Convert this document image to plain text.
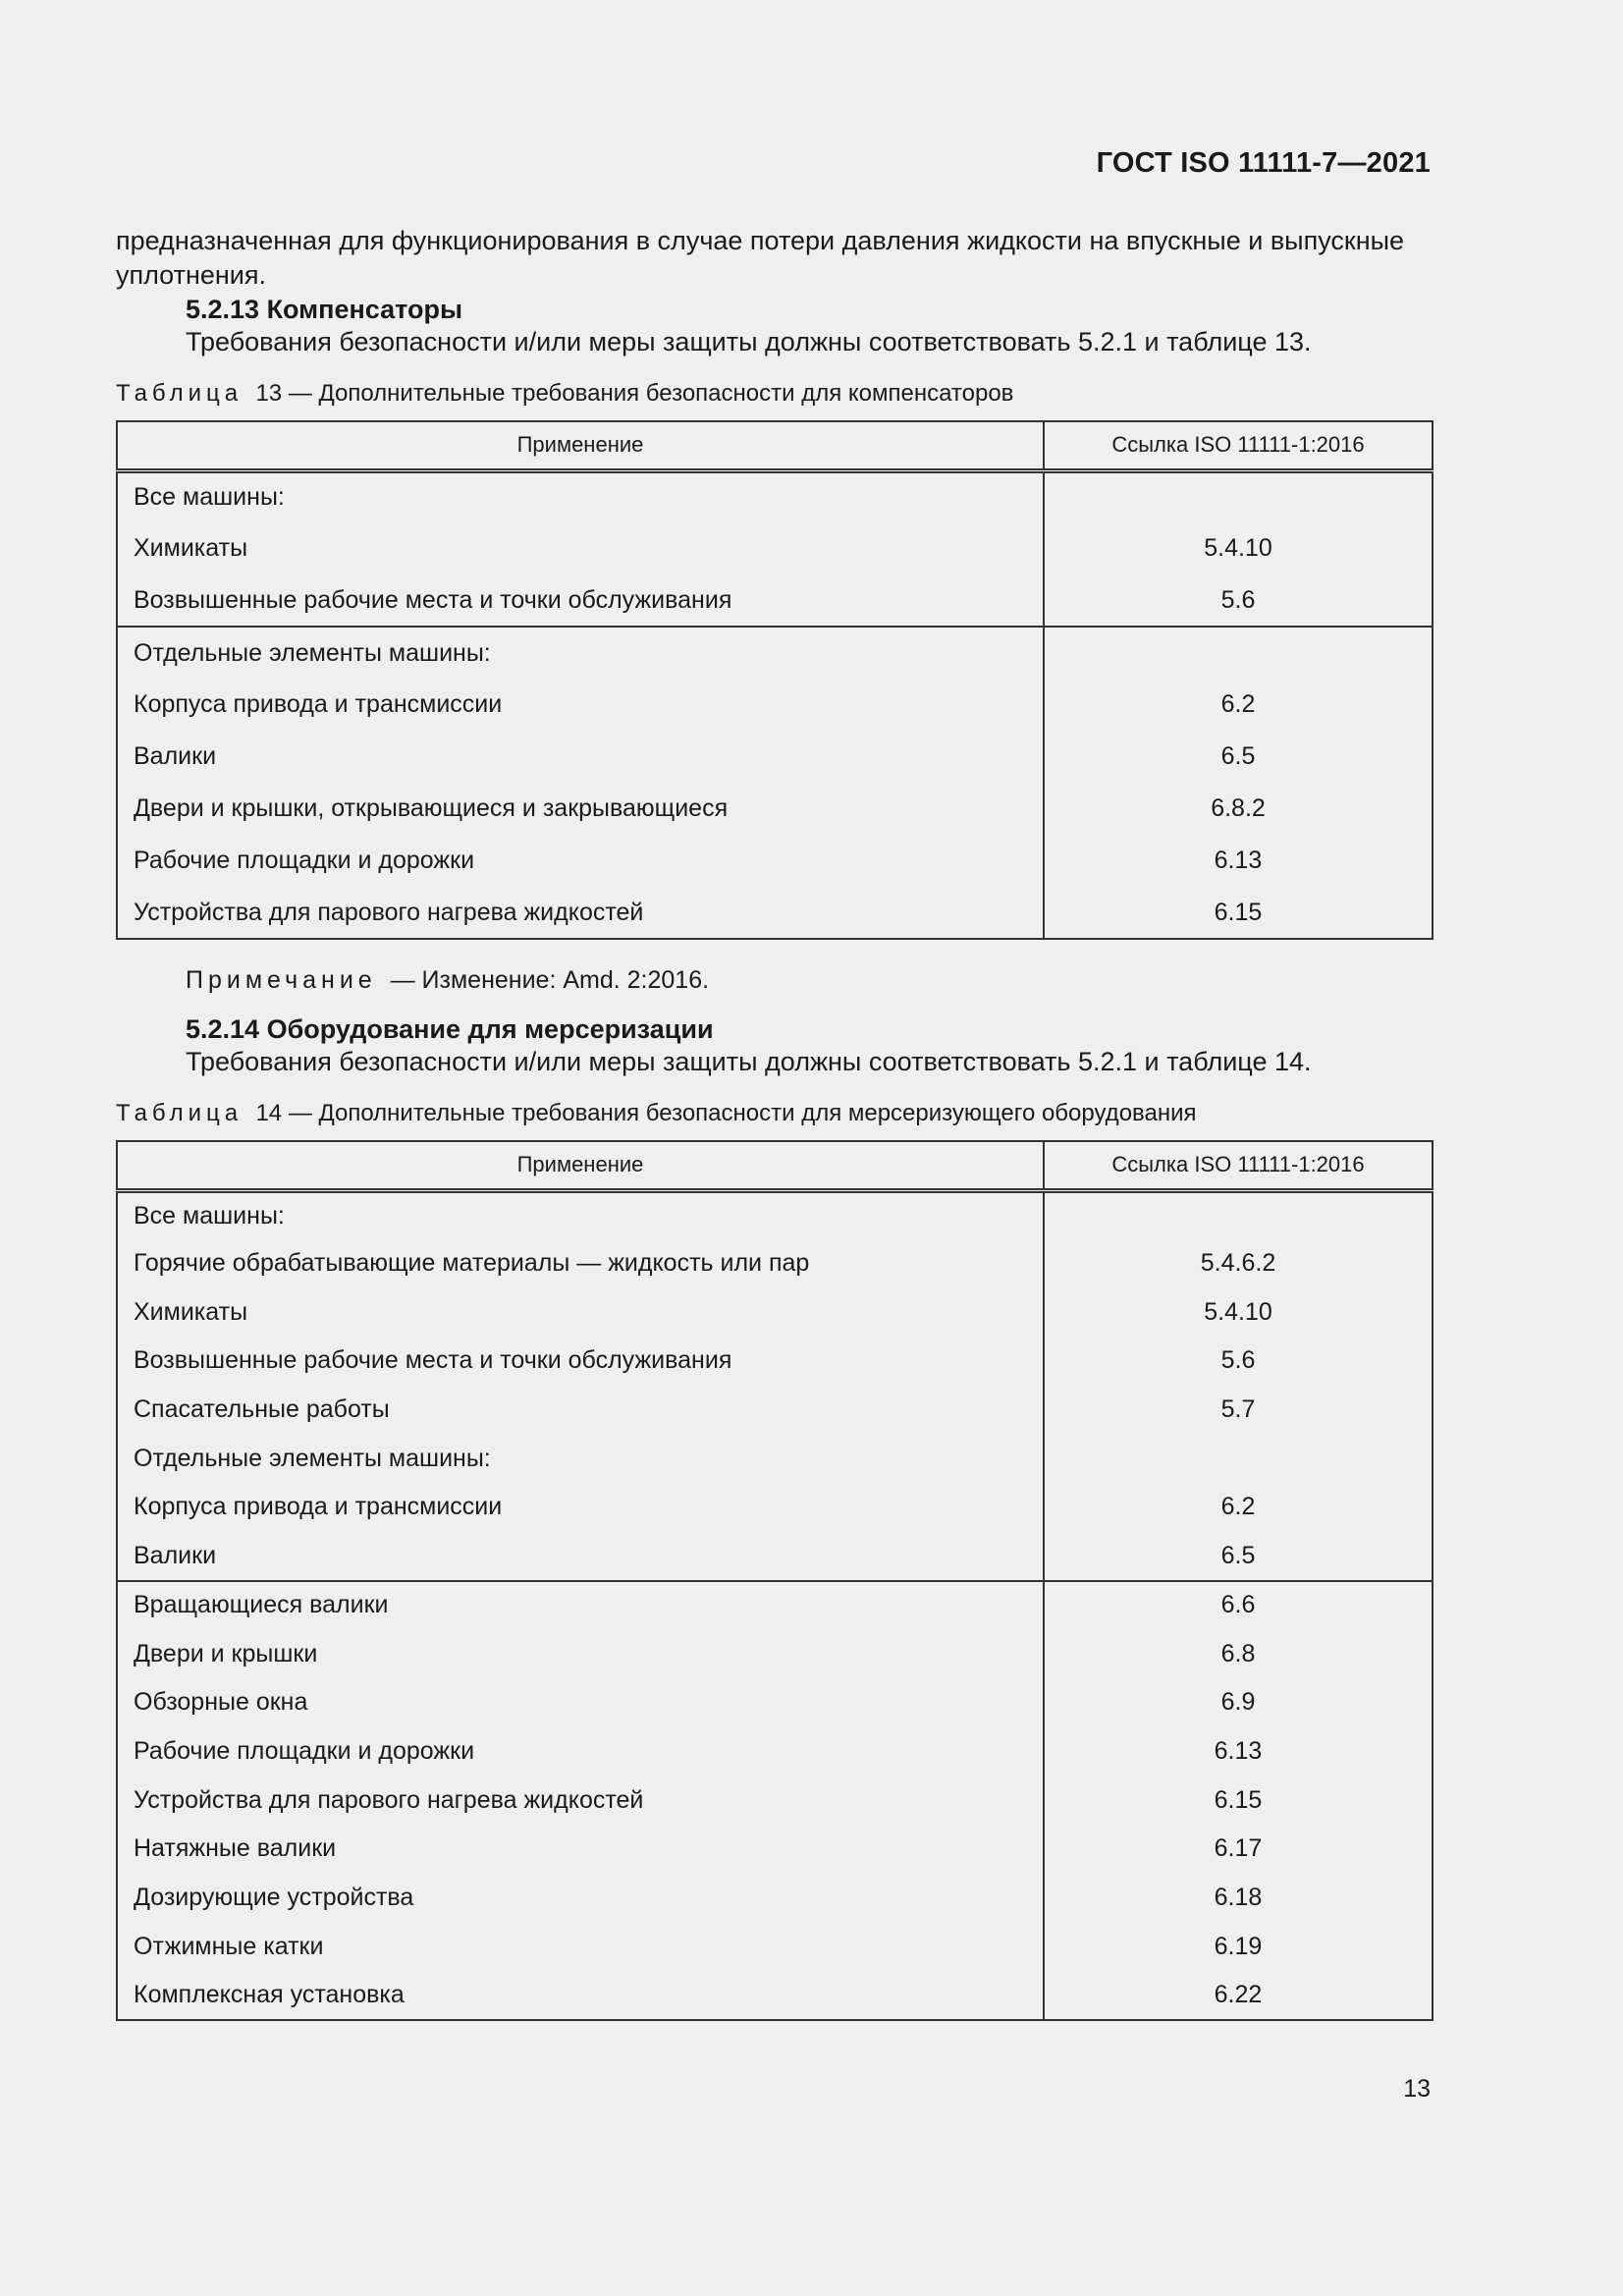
ГОСТ ISO 11111-7—2021
предназначенная для функционирования в случае потери давления жидкости на впускные и выпускные уплотнения.
5.2.13 Компенсаторы
Требования безопасности и/или меры защиты должны соответствовать 5.2.1 и таблице 13.
Таблица 13 — Дополнительные требования безопасности для компенсаторов
Применение	Ссылка ISO 11111-1:2016
Все машины:	
Химикаты	5.4.10
Возвышенные рабочие места и точки обслуживания	5.6
Отдельные элементы машины:	
Корпуса привода и трансмиссии	6.2
Валики	6.5
Двери и крышки, открывающиеся и закрывающиеся	6.8.2
Рабочие площадки и дорожки	6.13
Устройства для парового нагрева жидкостей	6.15
Примечание — Изменение: Amd. 2:2016.
5.2.14 Оборудование для мерсеризации
Требования безопасности и/или меры защиты должны соответствовать 5.2.1 и таблице 14.
Таблица 14 — Дополнительные требования безопасности для мерсеризующего оборудования
Применение	Ссылка ISO 11111-1:2016
Все машины:	
Горячие обрабатывающие материалы — жидкость или пар	5.4.6.2
Химикаты	5.4.10
Возвышенные рабочие места и точки обслуживания	5.6
Спасательные работы	5.7
Отдельные элементы машины:	
Корпуса привода и трансмиссии	6.2
Валики	6.5
Вращающиеся валики	6.6
Двери и крышки	6.8
Обзорные окна	6.9
Рабочие площадки и дорожки	6.13
Устройства для парового нагрева жидкостей	6.15
Натяжные валики	6.17
Дозирующие устройства	6.18
Отжимные катки	6.19
Комплексная установка	6.22
13
